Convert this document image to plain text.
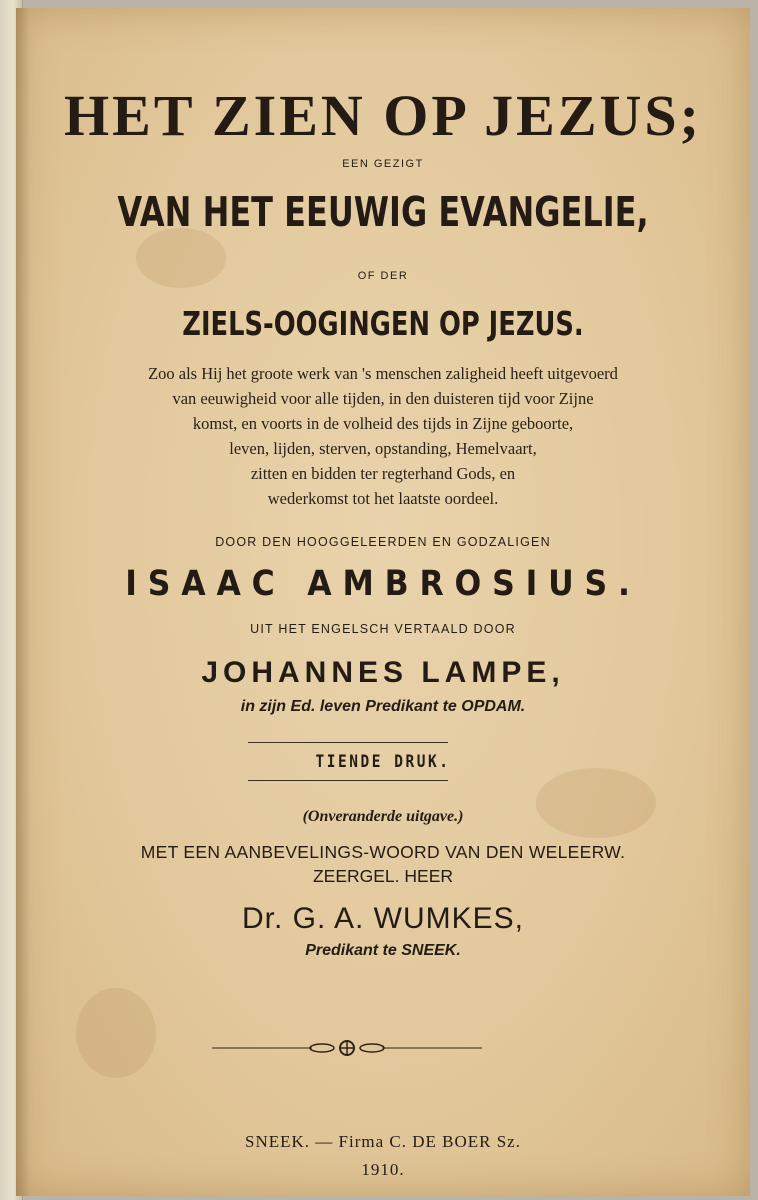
HET ZIEN OP JEZUS;
EEN GEZIGT
VAN HET EEUWIG EVANGELIE,
OF DER
ZIELS-OOGINGEN OP JEZUS.
Zoo als Hij het groote werk van 's menschen zaligheid heeft uitgevoerd
van eeuwigheid voor alle tijden, in den duisteren tijd voor Zijne
komst, en voorts in de volheid des tijds in Zijne geboorte,
leven, lijden, sterven, opstanding, Hemelvaart,
zitten en bidden ter regterhand Gods, en
wederkomst tot het laatste oordeel.
DOOR DEN HOOGGELEERDEN EN GODZALIGEN
ISAAC AMBROSIUS.
UIT HET ENGELSCH VERTAALD DOOR
JOHANNES LAMPE,
in zijn Ed. leven Predikant te OPDAM.
TIENDE DRUK.
(Onveranderde uitgave.)
MET EEN AANBEVELINGS-WOORD VAN DEN WELEERW.
ZEERGEL. HEER
Dr. G. A. WUMKES,
Predikant te SNEEK.
SNEEK. — Firma C. DE BOER Sz.
1910.
